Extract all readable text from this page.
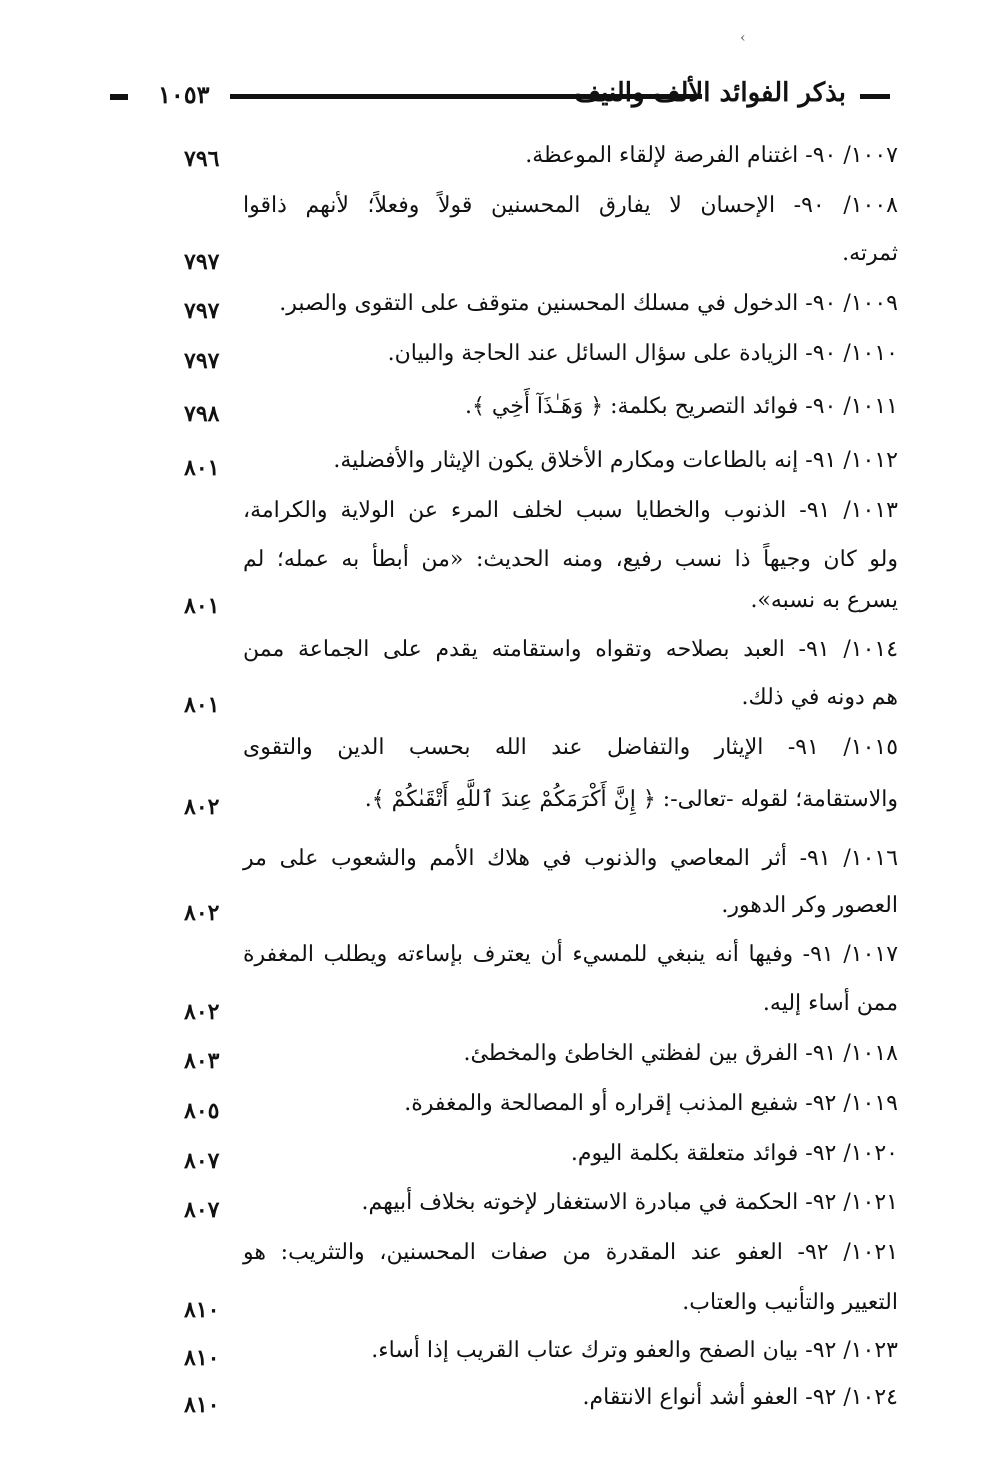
‹
١٠٥٣	بذكر الفوائد الألف والنيف
١٠٠٧/ ٩٠- اغتنام الفرصة لإلقاء الموعظة.
٧٩٦
١٠٠٨/ ٩٠- الإحسان لا يفارق المحسنين قولاً وفعلاً؛ لأنهم ذاقوا
ثمرته.
٧٩٧
١٠٠٩/ ٩٠- الدخول في مسلك المحسنين متوقف على التقوى والصبر.
٧٩٧
١٠١٠/ ٩٠- الزيادة على سؤال السائل عند الحاجة والبيان.
٧٩٧
١٠١١/ ٩٠- فوائد التصريح بكلمة: ﴿ وَهَـٰذَآ أَخِي ﴾.
٧٩٨
١٠١٢/ ٩١- إنه بالطاعات ومكارم الأخلاق يكون الإيثار والأفضلية.
٨٠١
١٠١٣/ ٩١- الذنوب والخطايا سبب لخلف المرء عن الولاية والكرامة،
ولو كان وجيهاً ذا نسب رفيع، ومنه الحديث: «من أبطأ به عمله؛ لم
يسرع به نسبه».
٨٠١
١٠١٤/ ٩١- العبد بصلاحه وتقواه واستقامته يقدم على الجماعة ممن
هم دونه في ذلك.
٨٠١
١٠١٥/ ٩١- الإيثار والتفاضل عند الله بحسب الدين والتقوى
والاستقامة؛ لقوله -تعالى-: ﴿ إِنَّ أَكْرَمَكُمْ عِندَ ٱللَّهِ أَتْقَىٰكُمْ ﴾.
٨٠٢
١٠١٦/ ٩١- أثر المعاصي والذنوب في هلاك الأمم والشعوب على مر
العصور وكر الدهور.
٨٠٢
١٠١٧/ ٩١- وفيها أنه ينبغي للمسيء أن يعترف بإساءته ويطلب المغفرة
ممن أساء إليه.
٨٠٢
١٠١٨/ ٩١- الفرق بين لفظتي الخاطئ والمخطئ.
٨٠٣
١٠١٩/ ٩٢- شفيع المذنب إقراره أو المصالحة والمغفرة.
٨٠٥
١٠٢٠/ ٩٢- فوائد متعلقة بكلمة اليوم.
٨٠٧
١٠٢١/ ٩٢- الحكمة في مبادرة الاستغفار لإخوته بخلاف أبيهم.
٨٠٧
١٠٢١/ ٩٢- العفو عند المقدرة من صفات المحسنين، والتثريب: هو
التعيير والتأنيب والعتاب.
٨١٠
١٠٢٣/ ٩٢- بيان الصفح والعفو وترك عتاب القريب إذا أساء.
٨١٠
١٠٢٤/ ٩٢- العفو أشد أنواع الانتقام.
٨١٠
